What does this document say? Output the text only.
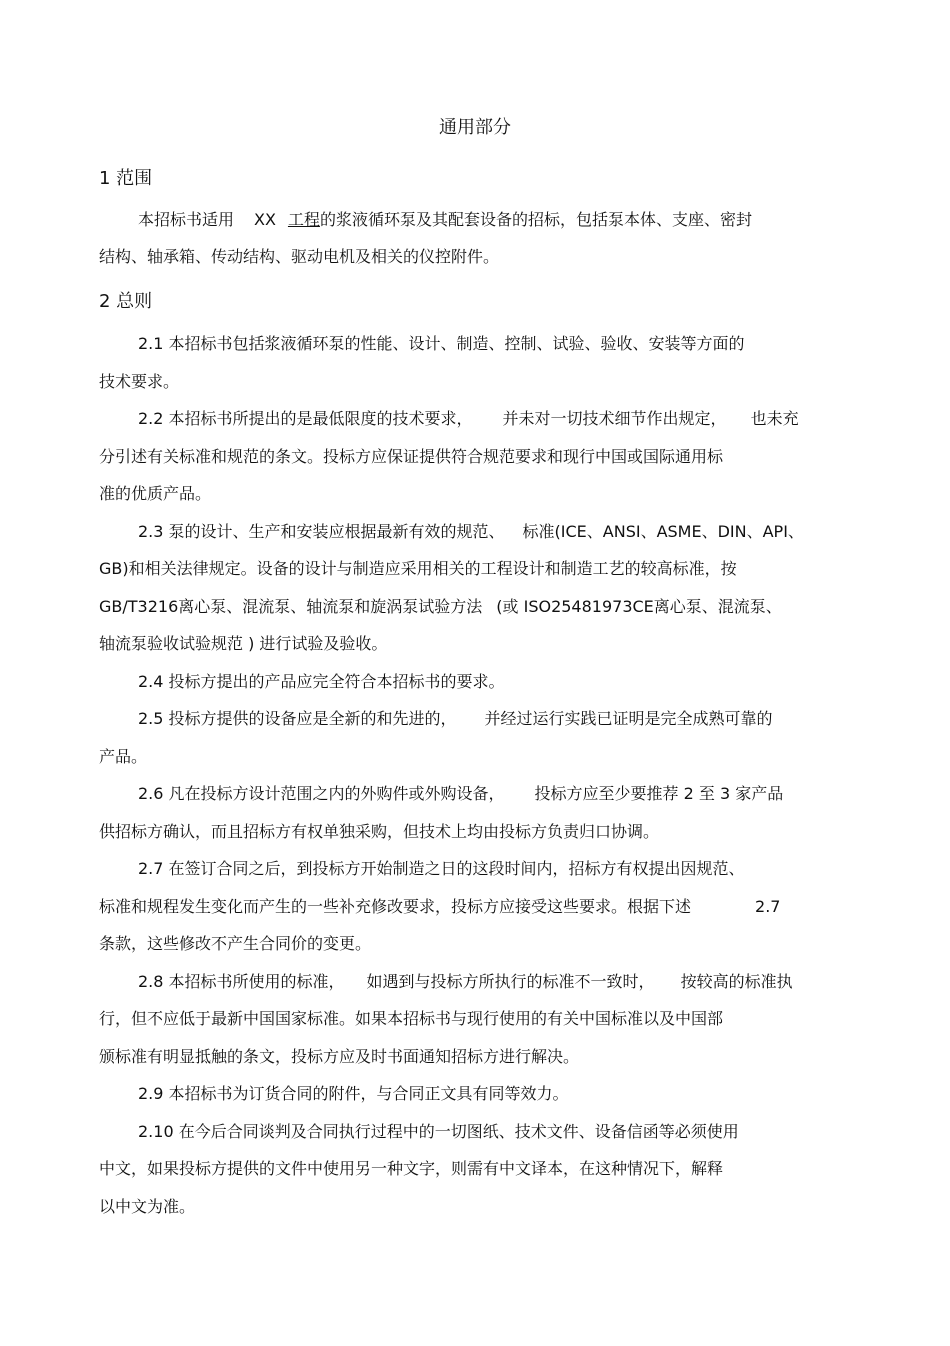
通用部分
1 范围

本招标书适用 XX 工程的浆液循环泵及其配套设备的招标，包括泵本体、支座、密封

结构、轴承箱、传动结构、驱动电机及相关的仪控附件。

2 总则

2.1 本招标书包括浆液循环泵的性能、设计、制造、控制、试验、验收、安装等方面的

技术要求。

2.2 本招标书所提出的是最低限度的技术要求， 并未对一切技术细节作出规定， 也未充

分引述有关标准和规范的条文。投标方应保证提供符合规范要求和现行中国或国际通用标

准的优质产品。

2.3 泵的设计、生产和安装应根据最新有效的规范、 标准(ICE、ANSI、ASME、DIN、API、

GB)和相关法律规定。设备的设计与制造应采用相关的工程设计和制造工艺的较高标准，按

GB/T3216离心泵、混流泵、轴流泵和旋涡泵试验方法 (或 ISO25481973CE离心泵、混流泵、

轴流泵验收试验规范 ) 进行试验及验收。

2.4 投标方提出的产品应完全符合本招标书的要求。

2.5 投标方提供的设备应是全新的和先进的， 并经过运行实践已证明是完全成熟可靠的

产品。

2.6 凡在投标方设计范围之内的外购件或外购设备， 投标方应至少要推荐 2 至 3 家产品

供招标方确认，而且招标方有权单独采购，但技术上均由投标方负责归口协调。

2.7 在签订合同之后，到投标方开始制造之日的这段时间内，招标方有权提出因规范、

标准和规程发生变化而产生的一些补充修改要求，投标方应接受这些要求。根据下述	2.7

条款，这些修改不产生合同价的变更。

2.8 本招标书所使用的标准， 如遇到与投标方所执行的标准不一致时， 按较高的标准执

行，但不应低于最新中国国家标准。如果本招标书与现行使用的有关中国标准以及中国部

颁标准有明显抵触的条文，投标方应及时书面通知招标方进行解决。

2.9 本招标书为订货合同的附件，与合同正文具有同等效力。

2.10 在今后合同谈判及合同执行过程中的一切图纸、技术文件、设备信函等必须使用

中文，如果投标方提供的文件中使用另一种文字，则需有中文译本，在这种情况下，解释

以中文为准。
